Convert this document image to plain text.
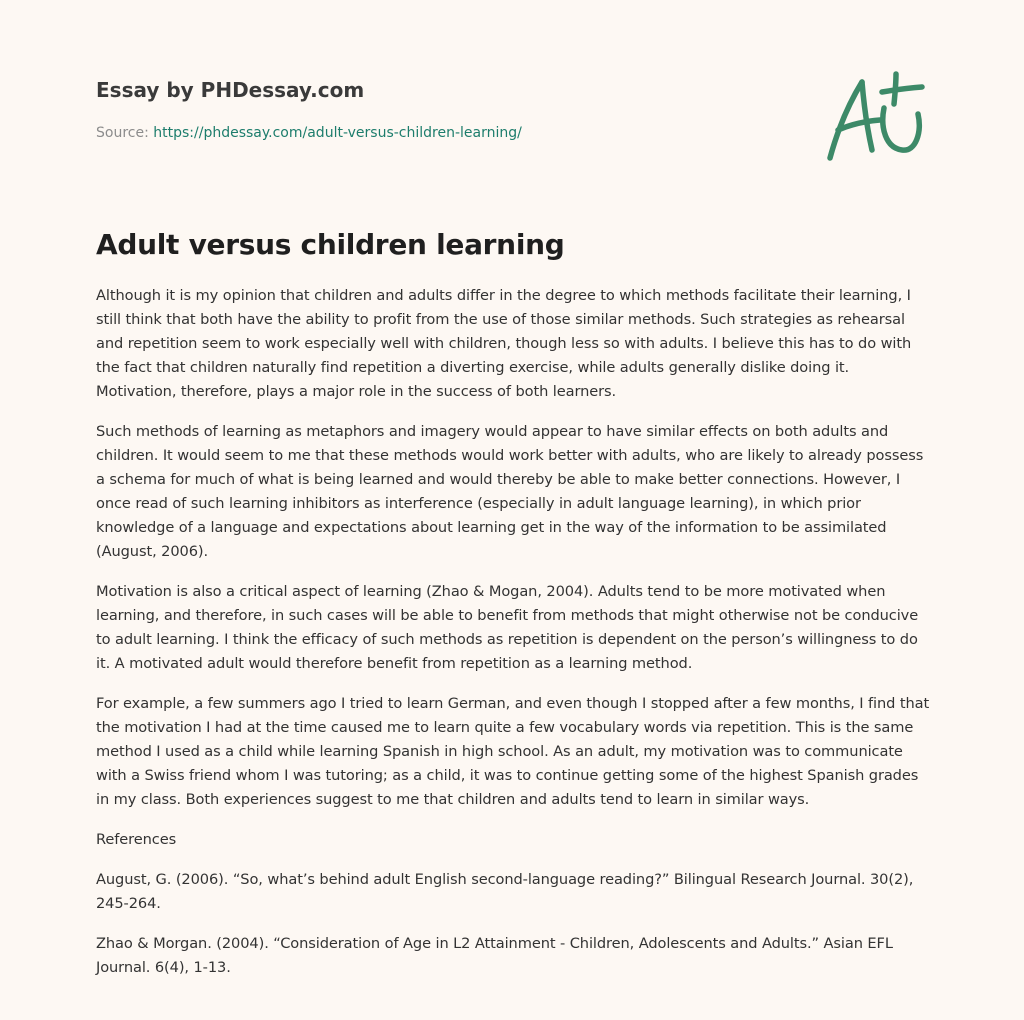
Essay by PHDessay.com
Source: https://phdessay.com/adult-versus-children-learning/
Adult versus children learning

Although it is my opinion that children and adults differ in the degree to which methods facilitate their learning, I still think that both have the ability to profit from the use of those similar methods. Such strategies as rehearsal and repetition seem to work especially well with children, though less so with adults. I believe this has to do with the fact that children naturally find repetition a diverting exercise, while adults generally dislike doing it. Motivation, therefore, plays a major role in the success of both learners.

Such methods of learning as metaphors and imagery would appear to have similar effects on both adults and children. It would seem to me that these methods would work better with adults, who are likely to already possess a schema for much of what is being learned and would thereby be able to make better connections. However, I once read of such learning inhibitors as interference (especially in adult language learning), in which prior knowledge of a language and expectations about learning get in the way of the information to be assimilated (August, 2006).

Motivation is also a critical aspect of learning (Zhao & Mogan, 2004). Adults tend to be more motivated when learning, and therefore, in such cases will be able to benefit from methods that might otherwise not be conducive to adult learning. I think the efficacy of such methods as repetition is dependent on the person’s willingness to do it. A motivated adult would therefore benefit from repetition as a learning method.

For example, a few summers ago I tried to learn German, and even though I stopped after a few months, I find that the motivation I had at the time caused me to learn quite a few vocabulary words via repetition. This is the same method I used as a child while learning Spanish in high school. As an adult, my motivation was to communicate with a Swiss friend whom I was tutoring; as a child, it was to continue getting some of the highest Spanish grades in my class. Both experiences suggest to me that children and adults tend to learn in similar ways.

References

August, G. (2006). “So, what’s behind adult English second-language reading?” Bilingual Research Journal. 30(2), 245-264.

Zhao & Morgan. (2004). “Consideration of Age in L2 Attainment - Children, Adolescents and Adults.” Asian EFL Journal. 6(4), 1-13.
